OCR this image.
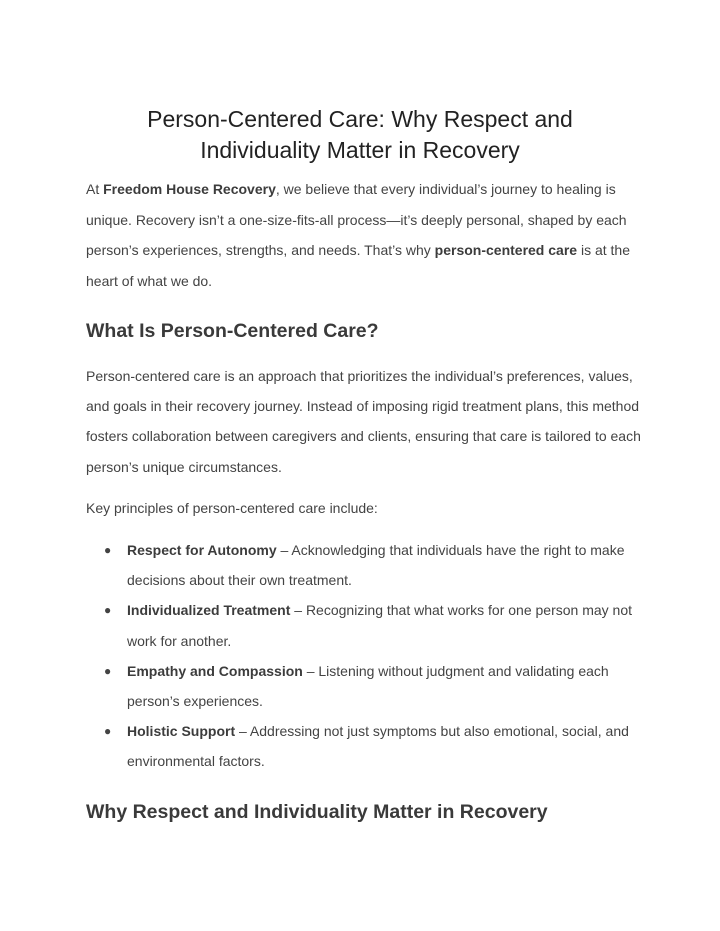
Person-Centered Care: Why Respect and Individuality Matter in Recovery

At Freedom House Recovery, we believe that every individual’s journey to healing is unique. Recovery isn’t a one-size-fits-all process—it’s deeply personal, shaped by each person’s experiences, strengths, and needs. That’s why person-centered care is at the heart of what we do.

What Is Person-Centered Care?

Person-centered care is an approach that prioritizes the individual’s preferences, values, and goals in their recovery journey. Instead of imposing rigid treatment plans, this method fosters collaboration between caregivers and clients, ensuring that care is tailored to each person’s unique circumstances.

Key principles of person-centered care include:

● Respect for Autonomy – Acknowledging that individuals have the right to make decisions about their own treatment.
● Individualized Treatment – Recognizing that what works for one person may not work for another.
● Empathy and Compassion – Listening without judgment and validating each person’s experiences.
● Holistic Support – Addressing not just symptoms but also emotional, social, and environmental factors.
Why Respect and Individuality Matter in Recovery
